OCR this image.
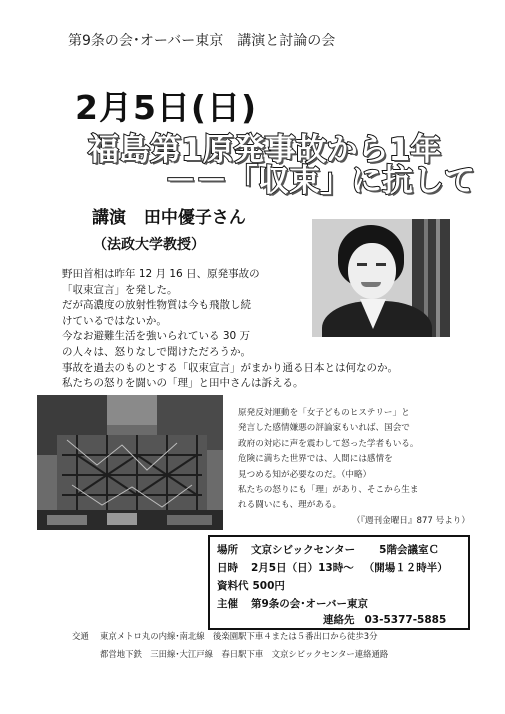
第9条の会･オーバー東京　講演と討論の会
2月5日(日)
福島第1原発事故から1年
－－「収束」に抗して
講演 田中優子さん
（法政大学教授）
野田首相は昨年 12 月 16 日、原発事故の
「収束宣言」を発した。
だが高濃度の放射性物質は今も飛散し続
けているではないか。
今なお避難生活を強いられている 30 万
の人々は、怒りなしで聞けただろうか。
事故を過去のものとする「収束宣言」がまかり通る日本とは何なのか。
私たちの怒りを闘いの「理」と田中さんは訴える。
原発反対運動を「女子どものヒステリー」と
発言した感情嫌悪の評論家もいれば、国会で
政府の対応に声を震わして怒った学者もいる。
危険に満ちた世界では、人間には感情を
見つめる知が必要なのだ。（中略）
私たちの怒りにも「理」があり、そこから生ま
れる闘いにも、理がある。
（『週刊金曜日』877 号より）
場所 文京シビックセンター 5階会議室Ｃ
日時 2月5日（日）13時～ （開場１２時半）
資料代 500円
主催 第9条の会･オーバー東京
連絡先 03-5377-5885
交通 東京メトロ丸の内線･南北線　後楽園駅下車４または５番出口から徒歩3分
都営地下鉄　三田線･大江戸線　春日駅下車　文京シビックセンター連絡通路
